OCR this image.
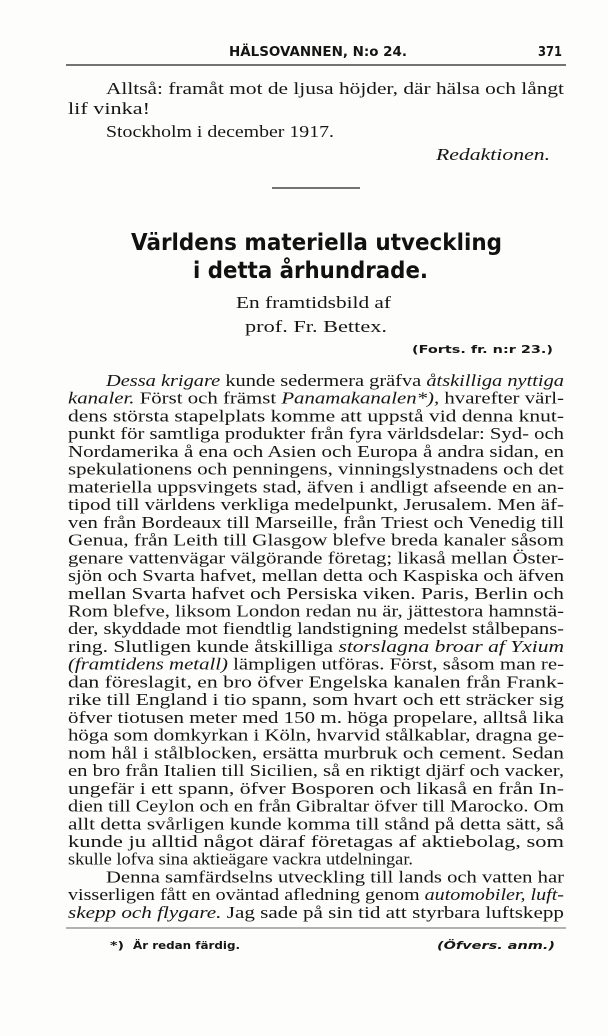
HÄLSOVANNEN, N:o 24.	371
Alltså: framåt mot de ljusa höjder, där hälsa och långt
lif vinka!
Stockholm i december 1917.
Redaktionen.
Världens materiella utveckling
i detta århundrade.
En framtidsbild af
prof. Fr. Bettex.
(Forts. fr. n:r 23.)
Dessa krigare kunde sedermera gräfva åtskilliga nyttiga
kanaler. Först och främst Panamakanalen*), hvarefter värl-
dens största stapelplats komme att uppstå vid denna knut-
punkt för samtliga produkter från fyra världsdelar: Syd- och
Nordamerika å ena och Asien och Europa å andra sidan, en
spekulationens och penningens, vinningslystnadens och det
materiella uppsvingets stad, äfven i andligt afseende en an-
tipod till världens verkliga medelpunkt, Jerusalem. Men äf-
ven från Bordeaux till Marseille, från Triest och Venedig till
Genua, från Leith till Glasgow blefve breda kanaler såsom
genare vattenvägar välgörande företag; likaså mellan Öster-
sjön och Svarta hafvet, mellan detta och Kaspiska och äfven
mellan Svarta hafvet och Persiska viken. Paris, Berlin och
Rom blefve, liksom London redan nu är, jättestora hamnstä-
der, skyddade mot fiendtlig landstigning medelst stålbepans-
ring. Slutligen kunde åtskilliga	storslagna broar af Yxium
(framtidens metall) lämpligen utföras. Först, såsom man re-
dan föreslagit, en bro öfver Engelska kanalen från Frank-
rike till England i tio spann, som hvart och ett sträcker sig
öfver tiotusen meter med 150 m. höga propelare, alltså lika
höga som domkyrkan i Köln, hvarvid stålkablar, dragna ge-
nom hål i stålblocken, ersätta murbruk och cement. Sedan
en bro från Italien till Sicilien, så en riktigt djärf och vacker,
ungefär i ett spann, öfver Bosporen och likaså en från In-
dien till Ceylon och en från Gibraltar öfver till Marocko. Om
allt detta svårligen kunde komma till stånd på detta sätt, så
kunde ju alltid något däraf företagas af aktiebolag, som
skulle lofva sina aktieägare vackra utdelningar.
Denna samfärdselns utveckling till lands och vatten har
visserligen fått en oväntad afledning genom	automobiler, luft-
skepp och flygare. Jag sade på sin tid att styrbara luftskepp
*) Är redan färdig.	(Öfvers. anm.)
